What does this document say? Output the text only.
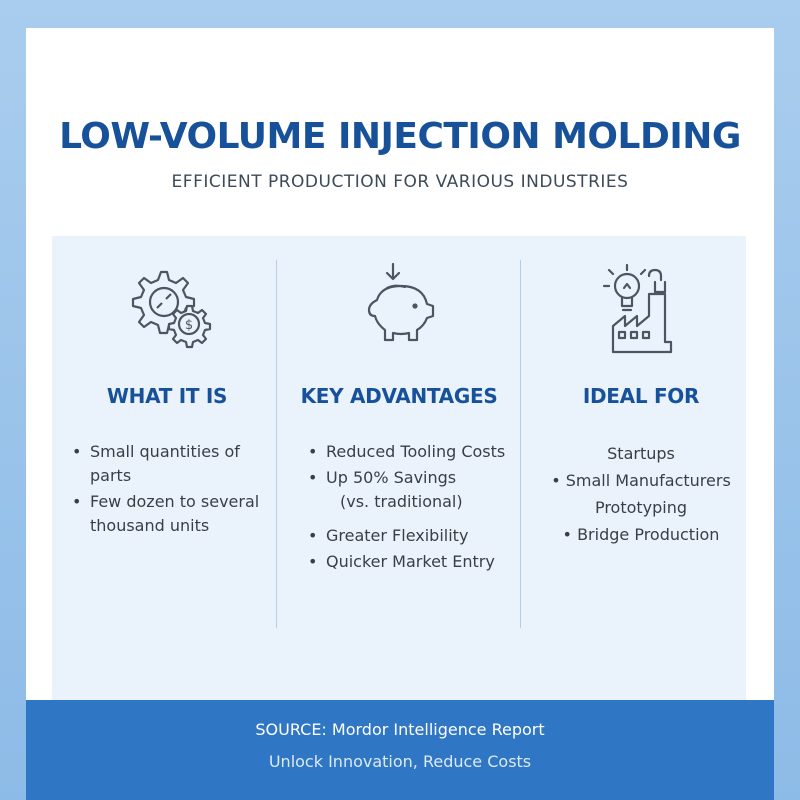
LOW-VOLUME INJECTION MOLDING
EFFICIENT PRODUCTION FOR VARIOUS INDUSTRIES
$
WHAT IT IS
• Small quantities of parts
• Few dozen to several thousand units
KEY ADVANTAGES
• Reduced Tooling Costs
• Up 50% Savings
(vs. traditional)
• Greater Flexibility
• Quicker Market Entry
IDEAL FOR
Startups
• Small Manufacturers
Prototyping
• Bridge Production
SOURCE: Mordor Intelligence Report
Unlock Innovation, Reduce Costs
